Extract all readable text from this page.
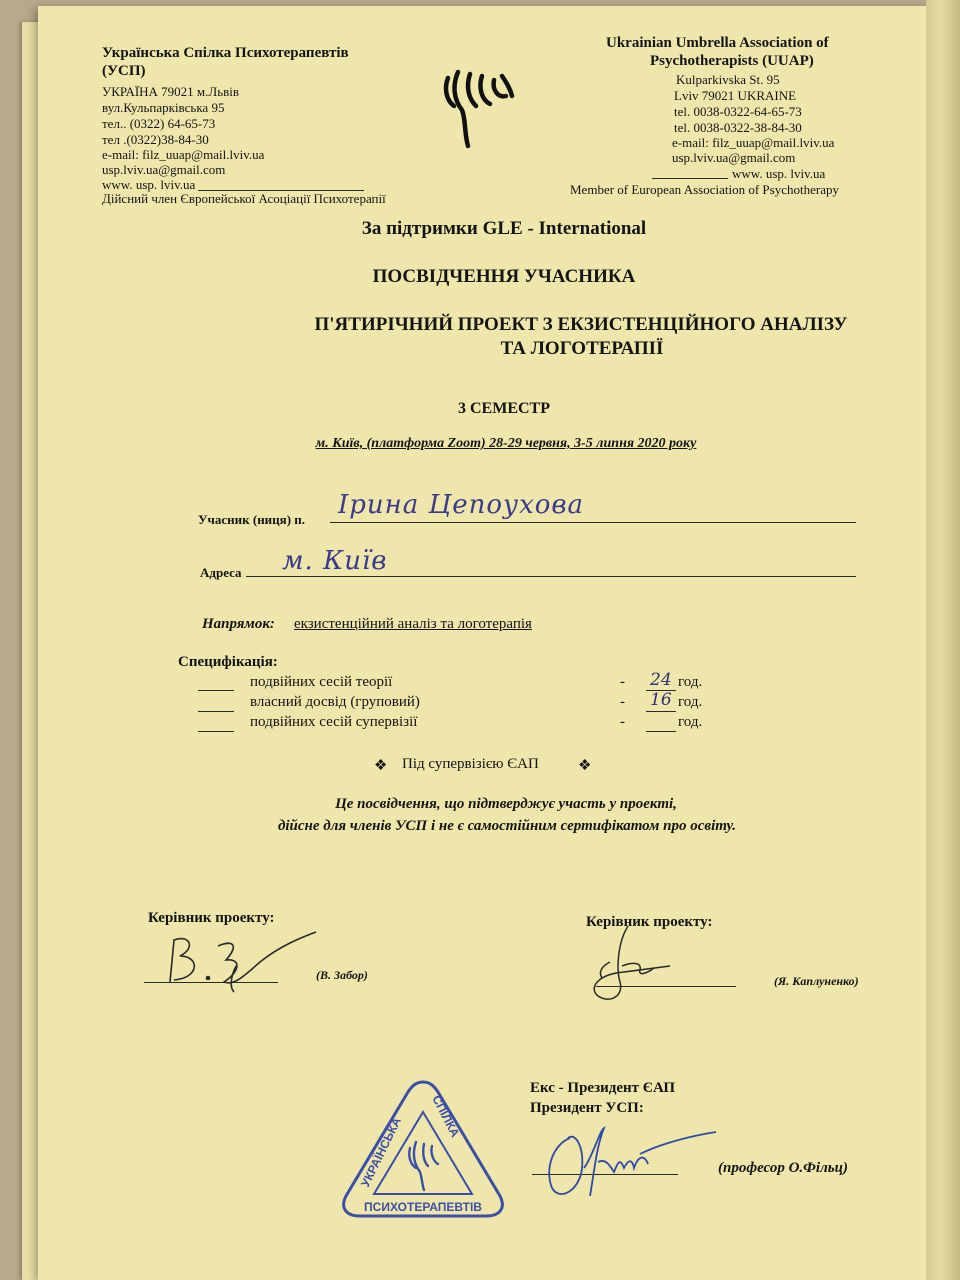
Українська Спілка Психотерапевтів
(УСП)
УКРАЇНА 79021 м.Львів
вул.Кульпарківська 95
тел.. (0322) 64-65-73
тел .(0322)38-84-30
e-mail: filz_uuap@mail.lviv.ua
usp.lviv.ua@gmail.com
www. usp. lviv.ua
Дійсний член Європейської Асоціації Психотерапії
Ukrainian Umbrella Association of
Psychotherapists (UUAP)
Kulparkivska St. 95
Lviv 79021 UKRAINE
tel. 0038-0322-64-65-73
tel. 0038-0322-38-84-30
e-mail: filz_uuap@mail.lviv.ua
usp.lviv.ua@gmail.com
www. usp. lviv.ua
Member of European Association of Psychotherapy
За підтримки GLE - International
ПОСВІДЧЕННЯ УЧАСНИКА
П'ЯТИРІЧНИЙ ПРОЕКТ З ЕКЗИСТЕНЦІЙНОГО АНАЛІЗУ
ТА ЛОГОТЕРАПІЇ
3 СЕМЕСТР
м. Київ, (платформа Zoom) 28-29 червня, 3-5 липня 2020 року
Учасник (ниця) п. Ірина Цепоухова
Адреса м. Київ
Напрямок: екзистенційний аналіз та логотерапія
Специфікація:
подвійних сесій теорії	- 24 год.
власний досвід (груповий)	- 16 год.
подвійних сесій супервізії	-	год.
❖ Під супервізією ЄАП	❖
Це посвідчення, що підтверджує участь у проекті,
дійсне для членів УСП і не є самостійним сертифікатом про освіту.
Керівник проекту:
(В. Забор)
Керівник проекту:
(Я. Каплуненко)
Екс - Президент ЄАП
Президент УСП:
(професор О.Фільц)
УКРАЇНСЬКА
СПІЛКА
ПСИХОТЕРАПЕВТІВ
